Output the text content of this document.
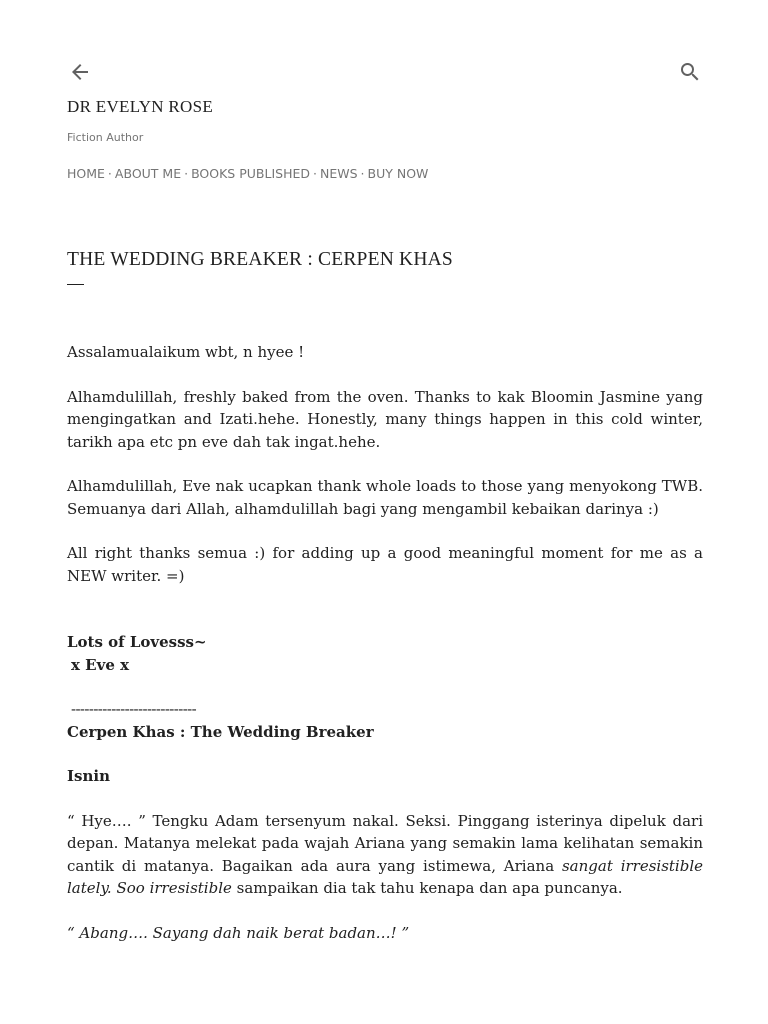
DR EVELYN ROSE
Fiction Author
HOME · ABOUT ME · BOOKS PUBLISHED · NEWS · BUY NOW
THE WEDDING BREAKER : CERPEN KHAS

Assalamualaikum wbt, n hyee !

Alhamdulillah, freshly baked from the oven. Thanks to kak Bloomin Jasmine yang mengingatkan and Izati.hehe. Honestly, many things happen in this cold winter, tarikh apa etc pn eve dah tak ingat.hehe.

Alhamdulillah, Eve nak ucapkan thank whole loads to those yang menyokong TWB. Semuanya dari Allah, alhamdulillah bagi yang mengambil kebaikan darinya :)

All right thanks semua :) for adding up a good meaningful moment for me as a NEW writer. =)

Lots of Lovesss~

x Eve x

----------------------------

Cerpen Khas : The Wedding Breaker

Isnin

“ Hye…. ” Tengku Adam tersenyum nakal. Seksi. Pinggang isterinya dipeluk dari depan. Matanya melekat pada wajah Ariana yang semakin lama kelihatan semakin cantik di matanya. Bagaikan ada aura yang istimewa, Ariana sangat irresistible lately. Soo irresistible sampaikan dia tak tahu kenapa dan apa puncanya.

“ Abang…. Sayang dah naik berat badan…! ”
